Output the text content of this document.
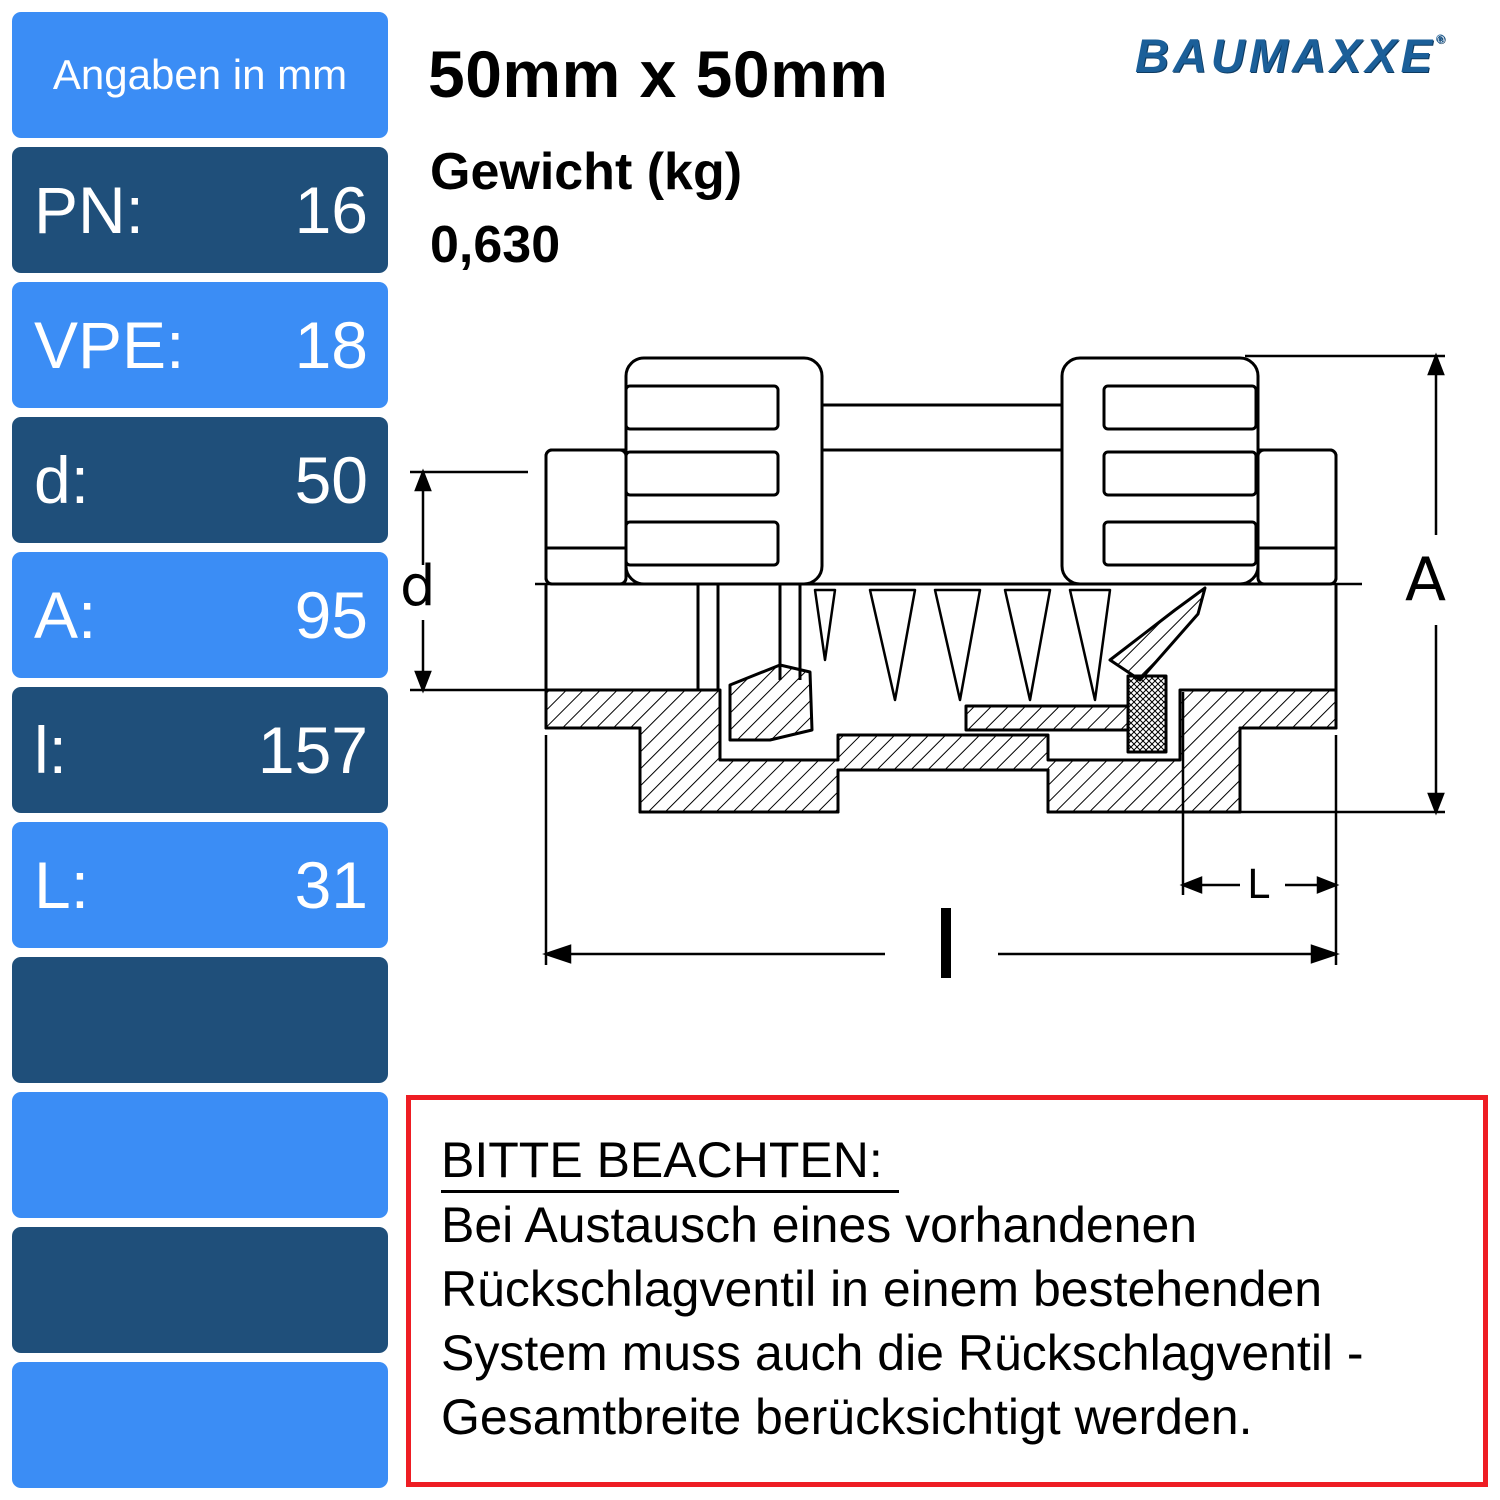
Angaben in mm
PN:	16
VPE:	18
d:	50
A:	95
l:	157
L:	31
50mm x 50mm
Gewicht (kg)
0,630
BAUMAXXE®
d	A
L
BITTE BEACHTEN:
Bei Austausch eines vorhandenen
Rückschlagventil in einem bestehenden
System muss auch die Rückschlagventil -
Gesamtbreite berücksichtigt werden.
